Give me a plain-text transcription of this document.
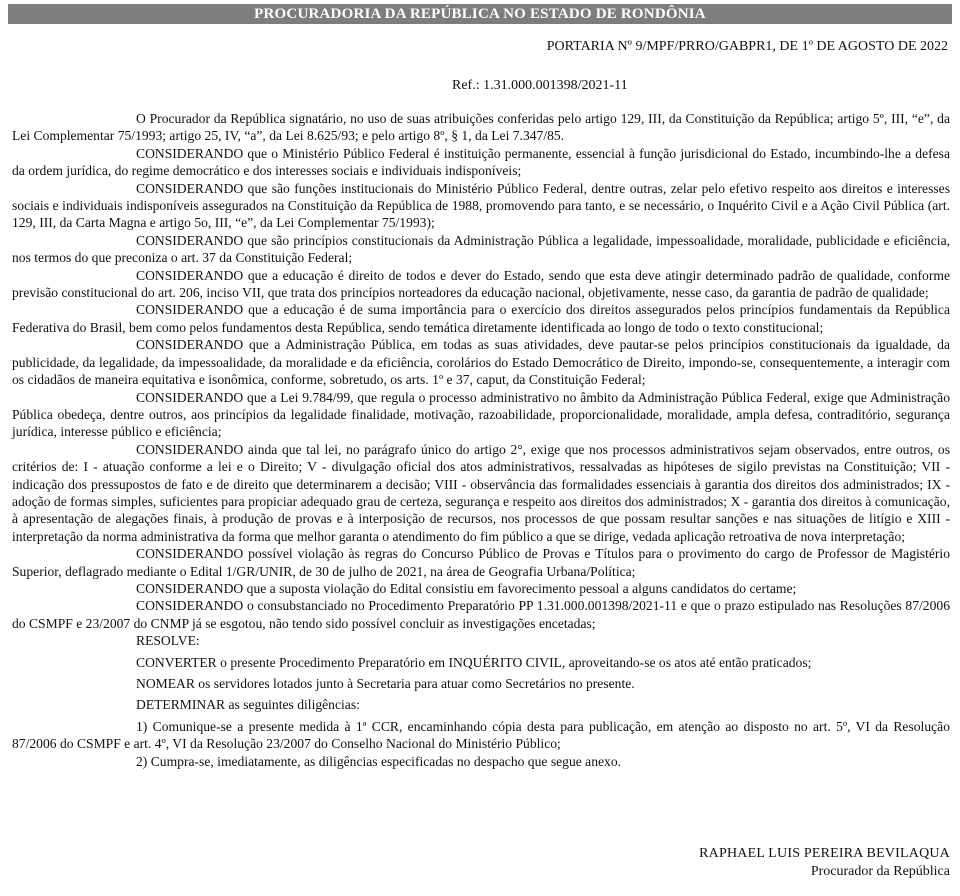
PROCURADORIA DA REPÚBLICA NO ESTADO DE RONDÔNIA
PORTARIA Nº 9/MPF/PRRO/GABPR1, DE 1º DE AGOSTO DE 2022
Ref.: 1.31.000.001398/2021-11

O Procurador da República signatário, no uso de suas atribuições conferidas pelo artigo 129, III, da Constituição da República; artigo 5º, III, “e”, da Lei Complementar 75/1993; artigo 25, IV, “a”, da Lei 8.625/93; e pelo artigo 8º, § 1, da Lei 7.347/85.

CONSIDERANDO que o Ministério Público Federal é instituição permanente, essencial à função jurisdicional do Estado, incumbindo-lhe a defesa da ordem jurídica, do regime democrático e dos interesses sociais e individuais indisponíveis;

CONSIDERANDO que são funções institucionais do Ministério Público Federal, dentre outras, zelar pelo efetivo respeito aos direitos e interesses sociais e individuais indisponíveis assegurados na Constituição da República de 1988, promovendo para tanto, e se necessário, o Inquérito Civil e a Ação Civil Pública (art. 129, III, da Carta Magna e artigo 5o, III, “e”, da Lei Complementar 75/1993);

CONSIDERANDO que são princípios constitucionais da Administração Pública a legalidade, impessoalidade, moralidade, publicidade e eficiência, nos termos do que preconiza o art. 37 da Constituição Federal;

CONSIDERANDO que a educação é direito de todos e dever do Estado, sendo que esta deve atingir determinado padrão de qualidade, conforme previsão constitucional do art. 206, inciso VII, que trata dos princípios norteadores da educação nacional, objetivamente, nesse caso, da garantia de padrão de qualidade;

CONSIDERANDO que a educação é de suma importância para o exercício dos direitos assegurados pelos princípios fundamentais da República Federativa do Brasil, bem como pelos fundamentos desta República, sendo temática diretamente identificada ao longo de todo o texto constitucional;

CONSIDERANDO que a Administração Pública, em todas as suas atividades, deve pautar-se pelos princípios constitucionais da igualdade, da publicidade, da legalidade, da impessoalidade, da moralidade e da eficiência, corolários do Estado Democrático de Direito, impondo-se, consequentemente, a interagir com os cidadãos de maneira equitativa e isonômica, conforme, sobretudo, os arts. 1º e 37, caput, da Constituição Federal;

CONSIDERANDO que a Lei 9.784/99, que regula o processo administrativo no âmbito da Administração Pública Federal, exige que Administração Pública obedeça, dentre outros, aos princípios da legalidade finalidade, motivação, razoabilidade, proporcionalidade, moralidade, ampla defesa, contraditório, segurança jurídica, interesse público e eficiência;

CONSIDERANDO ainda que tal lei, no parágrafo único do artigo 2°, exige que nos processos administrativos sejam observados, entre outros, os critérios de: I - atuação conforme a lei e o Direito; V - divulgação oficial dos atos administrativos, ressalvadas as hipóteses de sigilo previstas na Constituição; VII - indicação dos pressupostos de fato e de direito que determinarem a decisão; VIII - observância das formalidades essenciais à garantia dos direitos dos administrados; IX - adoção de formas simples, suficientes para propiciar adequado grau de certeza, segurança e respeito aos direitos dos administrados; X - garantia dos direitos à comunicação, à apresentação de alegações finais, à produção de provas e à interposição de recursos, nos processos de que possam resultar sanções e nas situações de litígio e XIII - interpretação da norma administrativa da forma que melhor garanta o atendimento do fim público a que se dirige, vedada aplicação retroativa de nova interpretação;

CONSIDERANDO possível violação às regras do Concurso Público de Provas e Títulos para o provimento do cargo de Professor de Magistério Superior, deflagrado mediante o Edital 1/GR/UNIR, de 30 de julho de 2021, na área de Geografia Urbana/Política;

CONSIDERANDO que a suposta violação do Edital consistiu em favorecimento pessoal a alguns candidatos do certame;

CONSIDERANDO o consubstanciado no Procedimento Preparatório PP 1.31.000.001398/2021-11 e que o prazo estipulado nas Resoluções 87/2006 do CSMPF e 23/2007 do CNMP já se esgotou, não tendo sido possível concluir as investigações encetadas;

RESOLVE:

CONVERTER o presente Procedimento Preparatório em INQUÉRITO CIVIL, aproveitando-se os atos até então praticados;

NOMEAR os servidores lotados junto à Secretaria para atuar como Secretários no presente.

DETERMINAR as seguintes diligências:

1) Comunique-se a presente medida à 1ª CCR, encaminhando cópia desta para publicação, em atenção ao disposto no art. 5º, VI da Resolução 87/2006 do CSMPF e art. 4º, VI da Resolução 23/2007 do Conselho Nacional do Ministério Público;

2) Cumpra-se, imediatamente, as diligências especificadas no despacho que segue anexo.

RAPHAEL LUIS PEREIRA BEVILAQUA
Procurador da República
